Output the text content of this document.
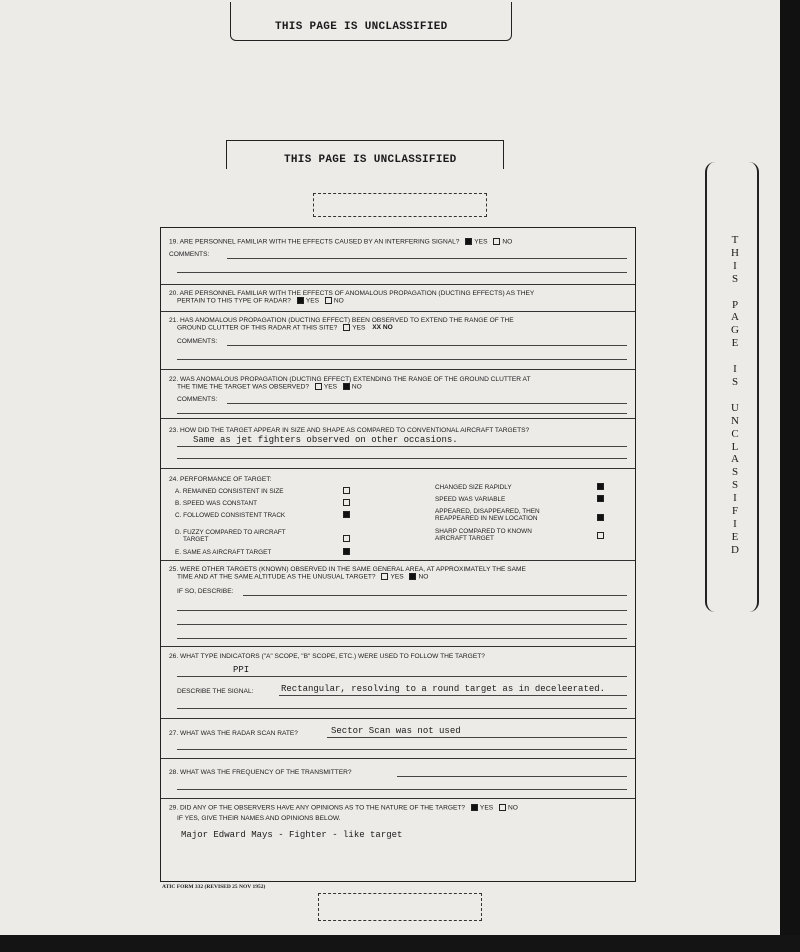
THIS PAGE IS UNCLASSIFIED
THIS PAGE IS UNCLASSIFIED
T
H
I
S

P
A
G
E

I
S

U
N
C
L
A
S
S
I
F
I
E
D
19. ARE PERSONNEL FAMILIAR WITH THE EFFECTS CAUSED BY AN INTERFERING SIGNAL? YES NO
COMMENTS:
20. ARE PERSONNEL FAMILIAR WITH THE EFFECTS OF ANOMALOUS PROPAGATION (DUCTING EFFECTS) AS THEY
PERTAIN TO THIS TYPE OF RADAR? YES NO
21. HAS ANOMALOUS PROPAGATION (DUCTING EFFECT) BEEN OBSERVED TO EXTEND THE RANGE OF THE
GROUND CLUTTER OF THIS RADAR AT THIS SITE? YES XX NO
COMMENTS:
22. WAS ANOMALOUS PROPAGATION (DUCTING EFFECT) EXTENDING THE RANGE OF THE GROUND CLUTTER AT
THE TIME THE TARGET WAS OBSERVED? YES NO
COMMENTS:
23. HOW DID THE TARGET APPEAR IN SIZE AND SHAPE AS COMPARED TO CONVENTIONAL AIRCRAFT TARGETS?
Same as jet fighters observed on other occasions.
24. PERFORMANCE OF TARGET:
A. REMAINED CONSISTENT IN SIZE
B. SPEED WAS CONSTANT
C. FOLLOWED CONSISTENT TRACK
D. FUZZY COMPARED TO AIRCRAFT
TARGET
E. SAME AS AIRCRAFT TARGET
CHANGED SIZE RAPIDLY
SPEED WAS VARIABLE
APPEARED, DISAPPEARED, THEN
REAPPEARED IN NEW LOCATION
SHARP COMPARED TO KNOWN
AIRCRAFT TARGET
25. WERE OTHER TARGETS (KNOWN) OBSERVED IN THE SAME GENERAL AREA, AT APPROXIMATELY THE SAME
TIME AND AT THE SAME ALTITUDE AS THE UNUSUAL TARGET? YES NO
IF SO, DESCRIBE:
26. WHAT TYPE INDICATORS ("A" SCOPE, "B" SCOPE, ETC.) WERE USED TO FOLLOW THE TARGET?
PPI
DESCRIBE THE SIGNAL:	Rectangular, resolving to a round target as in deceleerated.
27. WHAT WAS THE RADAR SCAN RATE?	Sector Scan was not used
28. WHAT WAS THE FREQUENCY OF THE TRANSMITTER?
29. DID ANY OF THE OBSERVERS HAVE ANY OPINIONS AS TO THE NATURE OF THE TARGET? YES NO
IF YES, GIVE THEIR NAMES AND OPINIONS BELOW.
Major Edward Mays - Fighter - like target
ATIC FORM 332 (REVISED 25 NOV 1952)
